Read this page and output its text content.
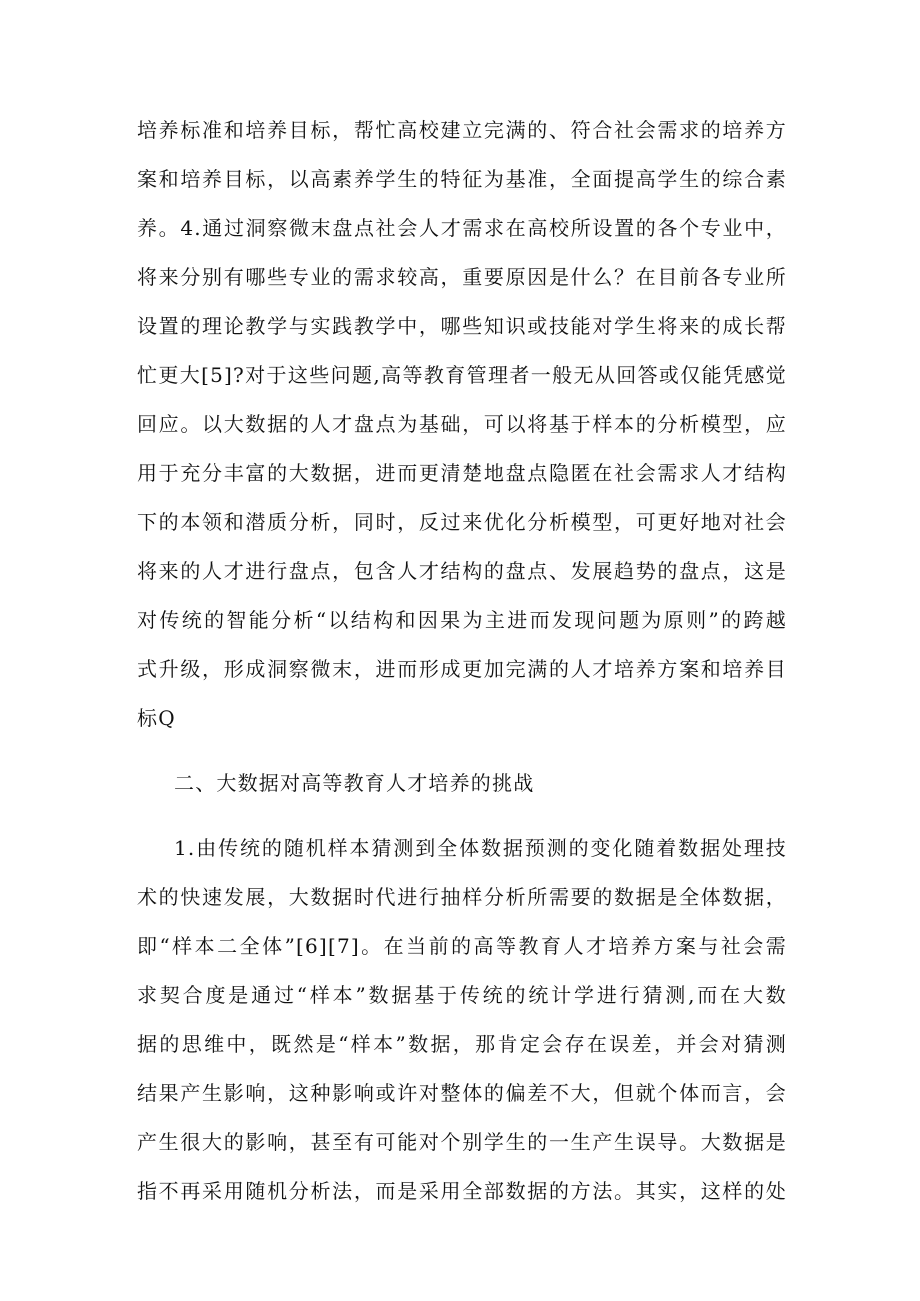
培养标准和培养目标，帮忙高校建立完满的、符合社会需求的培养方
案和培养目标，以高素养学生的特征为基准，全面提高学生的综合素
养。4.通过洞察微末盘点社会人才需求在高校所设置的各个专业中，
将来分别有哪些专业的需求较高，重要原因是什么？在目前各专业所
设置的理论教学与实践教学中，哪些知识或技能对学生将来的成长帮
忙更大[5]?对于这些问题,高等教育管理者一般无从回答或仅能凭感觉
回应。以大数据的人才盘点为基础，可以将基于样本的分析模型，应
用于充分丰富的大数据，进而更清楚地盘点隐匿在社会需求人才结构
下的本领和潜质分析，同时，反过来优化分析模型，可更好地对社会
将来的人才进行盘点，包含人才结构的盘点、发展趋势的盘点，这是
对传统的智能分析“以结构和因果为主进而发现问题为原则”的跨越
式升级，形成洞察微末，进而形成更加完满的人才培养方案和培养目
标Q
二、大数据对高等教育人才培养的挑战
1.由传统的随机样本猜测到全体数据预测的变化随着数据处理技
术的快速发展，大数据时代进行抽样分析所需要的数据是全体数据，
即“样本二全体”[6][7]。在当前的高等教育人才培养方案与社会需
求契合度是通过“样本”数据基于传统的统计学进行猜测,而在大数
据的思维中，既然是“样本”数据，那肯定会存在误差，并会对猜测
结果产生影响，这种影响或许对整体的偏差不大，但就个体而言，会
产生很大的影响，甚至有可能对个别学生的一生产生误导。大数据是
指不再采用随机分析法，而是采用全部数据的方法。其实，这样的处
